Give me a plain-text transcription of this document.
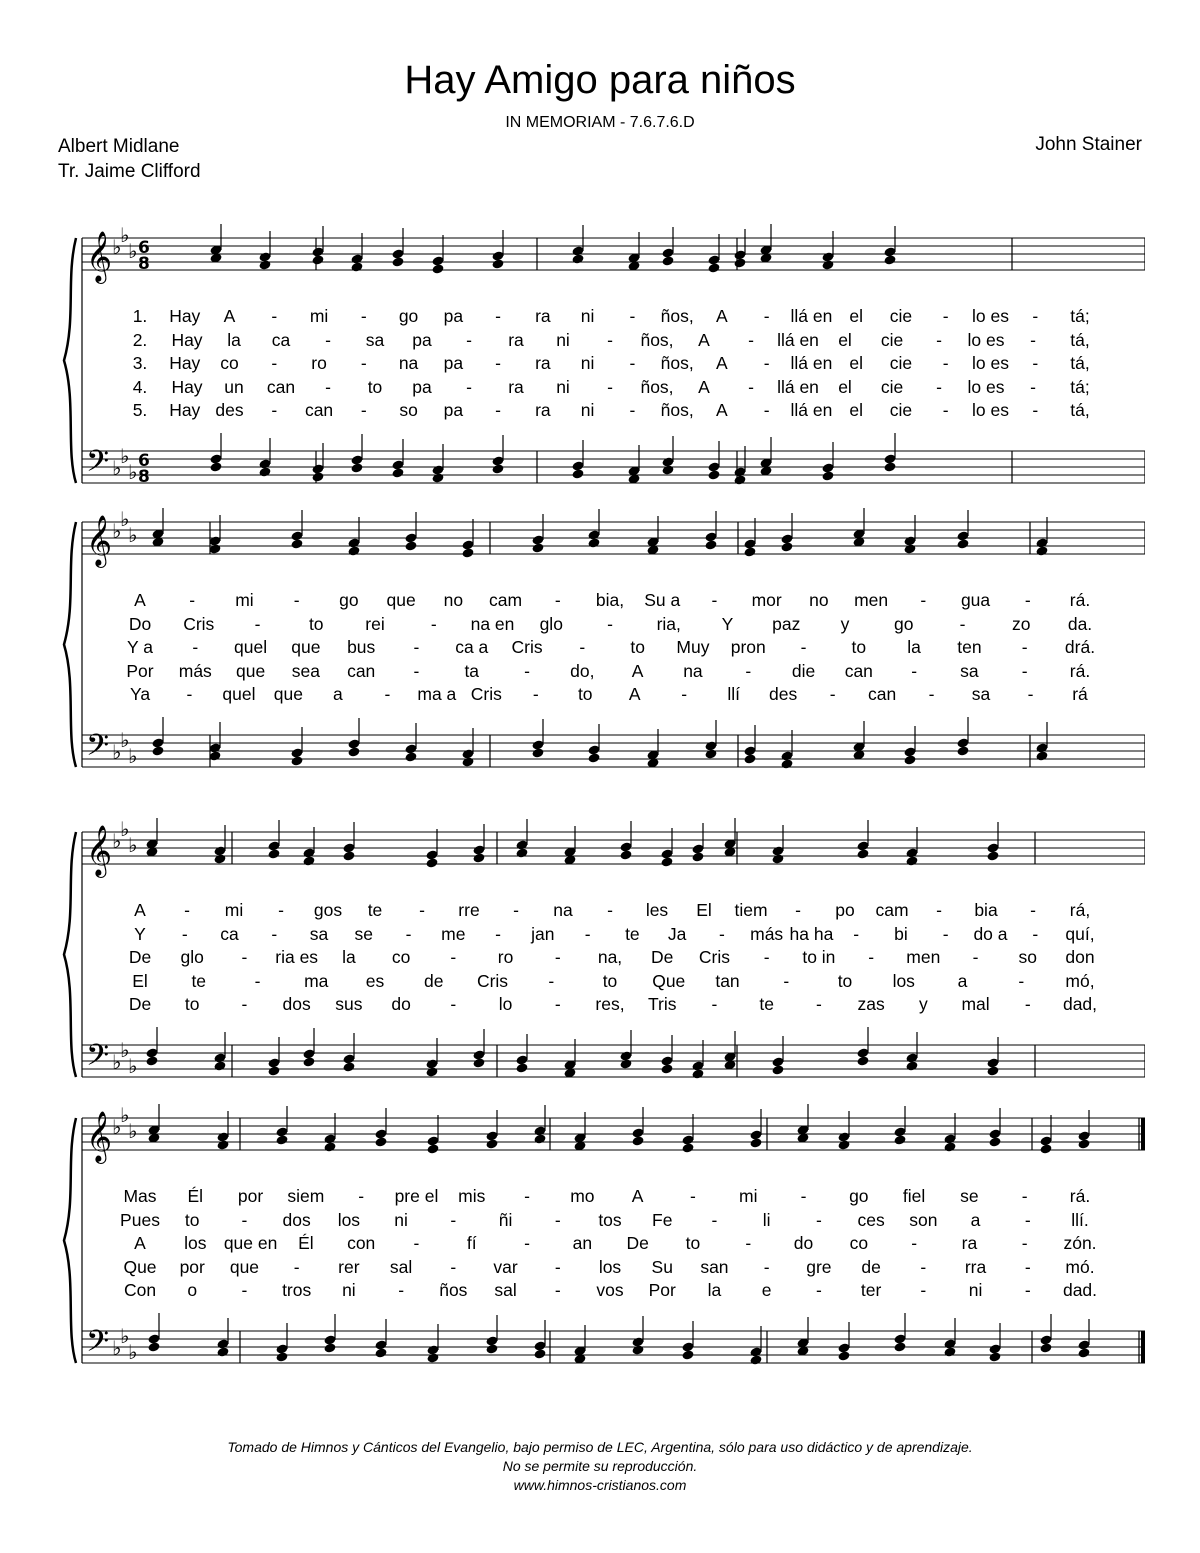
Hay Amigo para niños
IN MEMORIAM - 7.6.7.6.D
Albert Midlane
Tr. Jaime Clifford
John Stainer
𝄞
𝄢
♭
♭
♭
♭
♭
♭
6
8
6
8
1. Hay A - mi - go pa - ra ni - ños, A - llá en el cie - lo es - tá;
2. Hay la ca - sa pa - ra ni - ños, A - llá en el cie - lo es - tá,
3. Hay co - ro - na pa - ra ni - ños, A - llá en el cie - lo es - tá,
4. Hay un can - to pa - ra ni - ños, A - llá en el cie - lo es - tá;
5. Hay des - can - so pa - ra ni - ños, A - llá en el cie - lo es - tá,
𝄞
𝄢
♭
♭
♭
♭
♭
♭
A - mi - go que no cam - bia, Su a - mor no men - gua - rá.
Do Cris -	to rei	- na en glo	- ria, Y paz y	go	-	zo da.
Y a - quel que bus - ca a Cris -	to Muy pron -	to la ten - drá.
Por más que sea can -	ta	- do, A na - die can - sa - rá.
Ya - quel que a - ma a Cris - to A - llí des - can - sa - rá
𝄞
𝄢
♭
♭
♭
♭
♭
♭
A - mi - gos te - rre - na - les El tiem - po cam - bia - rá,
Y - ca - sa se - me - jan - te Ja - más ha ha - bi - do a - quí,
De glo - ria es la co - ro - na, De Cris - to in - men - so don
El te	- ma es de Cris -	to Que tan -	to los a	- mó,
De to - dos sus do - lo - res, Tris - te - zas y mal - dad,
𝄞
𝄢
♭
♭
♭
♭
♭
♭
Mas Él por siem - pre el mis - mo A	- mi - go fiel se - rá.
Pues to - dos los ni - ñi - tos Fe -	li	- ces son a	- llí.
A los que en Él con -	fí	- an De to	- do co -	ra	- zón.
Que por que - rer sal - var - los Su san - gre de - rra - mó.
Con o	- tros ni - ños sal - vos Por la e	- ter - ni - dad.
Tomado de Himnos y Cánticos del Evangelio, bajo permiso de LEC, Argentina, sólo para uso didáctico y de aprendizaje.
No se permite su reproducción.
www.himnos-cristianos.com
